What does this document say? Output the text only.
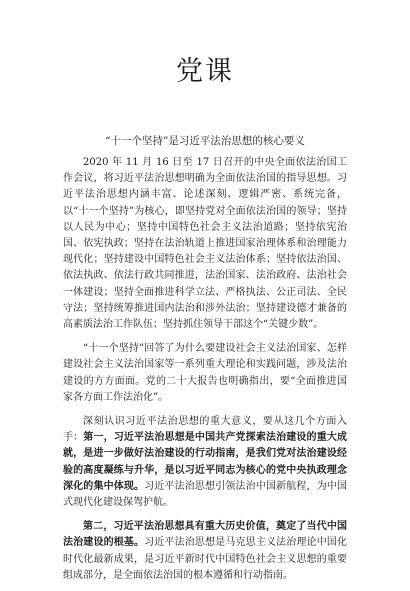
党课
“十一个坚持”是习近平法治思想的核心要义

2020 年 11 月 16 日至 17 日召开的中央全面依法治国工作会议，将习近平法治思想明确为全面依法治国的指导思想。习近平法治思想内涵丰富、论述深刻、逻辑严密、系统完备，以“十一个坚持”为核心，即坚持党对全面依法治国的领导；坚持以人民为中心；坚持中国特色社会主义法治道路；坚持依宪治国、依宪执政；坚持在法治轨道上推进国家治理体系和治理能力现代化；坚持建设中国特色社会主义法治体系；坚持依法治国、依法执政、依法行政共同推进，法治国家、法治政府、法治社会一体建设；坚持全面推进科学立法、严格执法、公正司法、全民守法；坚持统筹推进国内法治和涉外法治；坚持建设德才兼备的高素质法治工作队伍；坚持抓住领导干部这个“关键少数”。

“十一个坚持”回答了为什么要建设社会主义法治国家、怎样建设社会主义法治国家等一系列重大理论和实践问题，涉及法治建设的方方面面。党的二十大报告也明确指出，要“全面推进国家各方面工作法治化”。

深刻认识习近平法治思想的重大意义，要从这几个方面入手：第一，习近平法治思想是中国共产党探索法治建设的重大成就，是进一步做好法治建设的行动指南，是我们党对法治建设经验的高度凝练与升华，是以习近平同志为核心的党中央执政理念深化的集中体现。习近平法治思想引领法治中国新航程，为中国式现代化建设保驾护航。

第二，习近平法治思想具有重大历史价值，奠定了当代中国法治建设的根基。习近平法治思想是马克思主义法治理论中国化时代化最新成果，是习近平新时代中国特色社会主义思想的重要组成部分，是全面依法治国的根本遵循和行动指南。
